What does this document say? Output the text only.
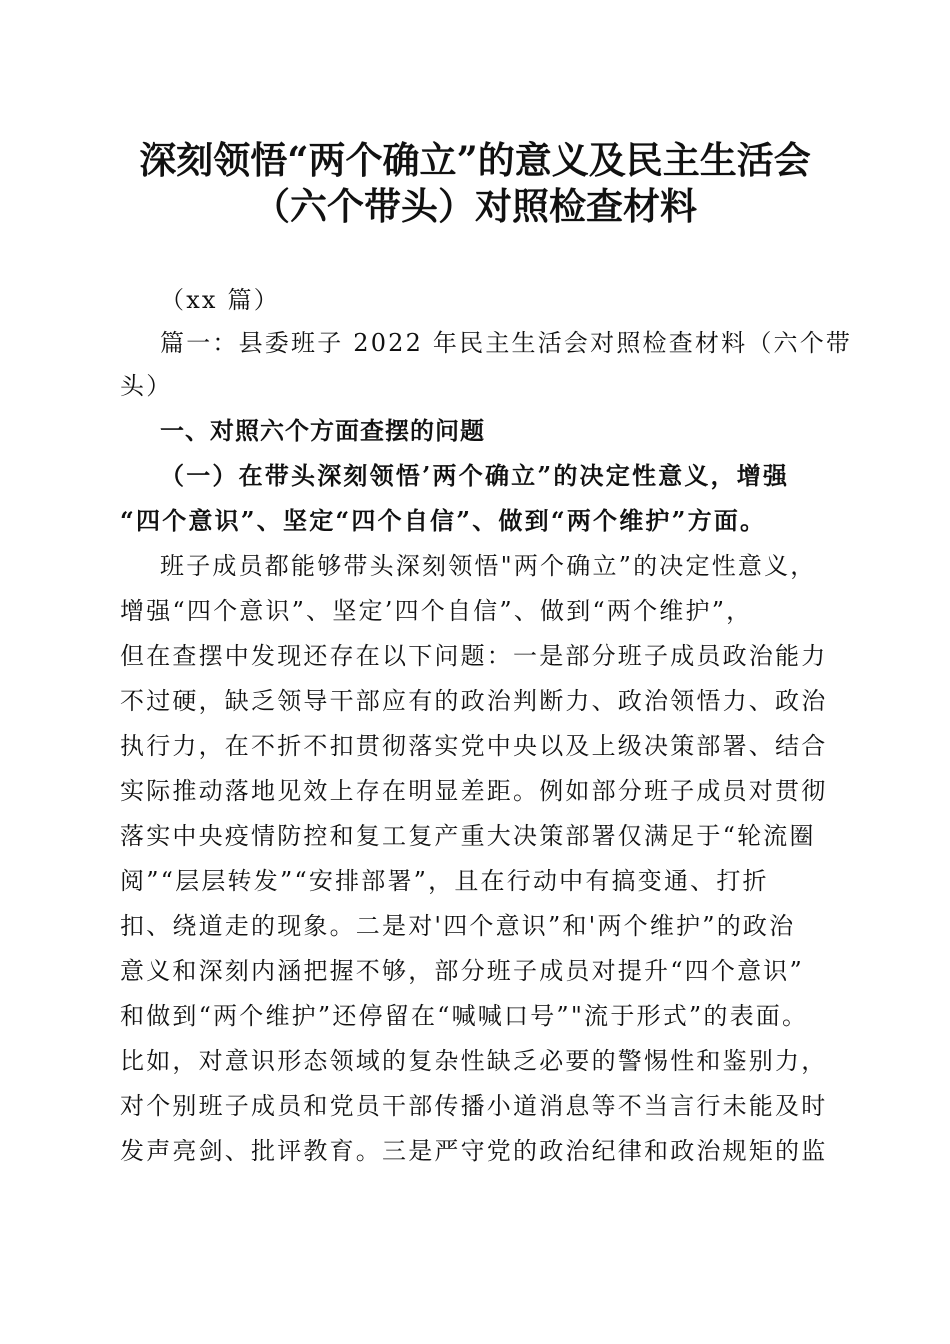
深刻领悟“两个确立”的意义及民主生活会
（六个带头）对照检查材料
（xx 篇）
篇一：县委班子 2022 年民主生活会对照检查材料（六个带
头）
一、对照六个方面查摆的问题
（一）在带头深刻领悟’两个确立”的决定性意义，增强
“四个意识”、坚定“四个自信”、做到“两个维护”方面。
班子成员都能够带头深刻领悟"两个确立”的决定性意义，
增强“四个意识”、坚定’四个自信”、做到“两个维护”，
但在查摆中发现还存在以下问题：一是部分班子成员政治能力
不过硬，缺乏领导干部应有的政治判断力、政治领悟力、政治
执行力，在不折不扣贯彻落实党中央以及上级决策部署、结合
实际推动落地见效上存在明显差距。例如部分班子成员对贯彻
落实中央疫情防控和复工复产重大决策部署仅满足于“轮流圈
阅”“层层转发”“安排部署”，且在行动中有搞变通、打折
扣、绕道走的现象。二是对'四个意识”和'两个维护”的政治
意义和深刻内涵把握不够，部分班子成员对提升“四个意识”
和做到“两个维护”还停留在“喊喊口号”"流于形式”的表面。
比如，对意识形态领域的复杂性缺乏必要的警惕性和鉴别力，
对个别班子成员和党员干部传播小道消息等不当言行未能及时
发声亮剑、批评教育。三是严守党的政治纪律和政治规矩的监
